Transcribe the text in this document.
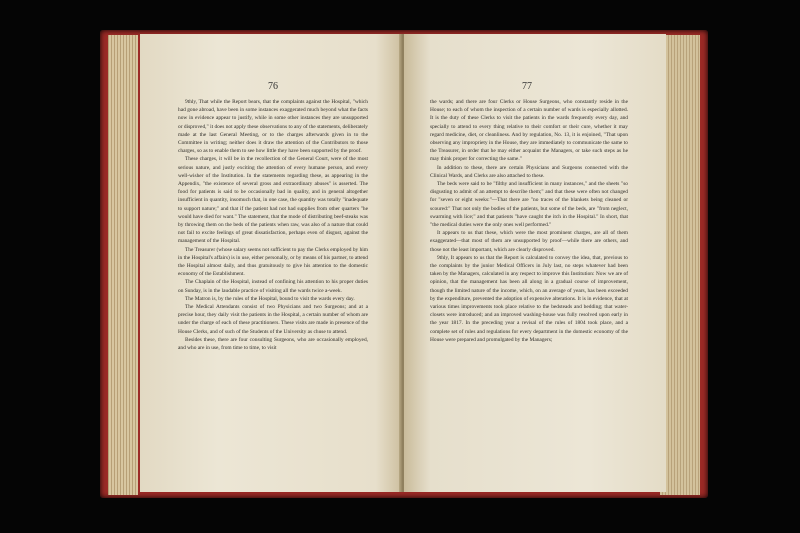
76

9thly, That while the Report bears, that the complaints against the Hospital, "which had gone abroad, have been in some instances exaggerated much beyond what the facts now in evidence appear to justify, while in some other instances they are unsupported or disproved," it does not apply these observations to any of the statements, deliberately made at the last General Meeting, or to the charges afterwards given in to the Committee in writing; neither does it draw the attention of the Contributors to those charges, so as to enable them to see how little they have been supported by the proof.

These charges, it will be in the recollection of the General Court, were of the most serious nature, and justly exciting the attention of every humane person, and every well-wisher of the Institution. In the statements regarding these, as appearing in the Appendix, "the existence of several gross and extraordinary abuses" is asserted. The food for patients is said to be occasionally bad in quality, and in general altogether insufficient in quantity, insomuch that, in one case, the quantity was totally "inadequate to support nature;" and that if the patient had not had supplies from other quarters "he would have died for want." The statement, that the mode of distributing beef-steaks was by throwing them on the beds of the patients when raw, was also of a nature that could not fail to excite feelings of great dissatisfaction, perhaps even of disgust, against the management of the Hospital.

The Treasurer (whose salary seems not sufficient to pay the Clerks employed by him in the Hospital's affairs) is in use, either personally, or by means of his partner, to attend the Hospital almost daily, and thus gratuitously to give his attention to the domestic economy of the Establishment.

The Chaplain of the Hospital, instead of confining his attention to his proper duties on Sunday, is in the laudable practice of visiting all the wards twice a-week.

The Matron is, by the rules of the Hospital, bound to visit the wards every day.

The Medical Attendants consist of two Physicians and two Surgeons; and at a precise hour, they daily visit the patients in the Hospital, a certain number of whom are under the charge of each of these practitioners. These visits are made in presence of the House Clerks, and of such of the Students of the University as chuse to attend.

Besides these, there are four consulting Surgeons, who are occasionally employed, and who are in use, from time to time, to visit

77

the wards; and there are four Clerks or House Surgeons, who constantly reside in the House; to each of whom the inspection of a certain number of wards is especially allotted. It is the duty of these Clerks to visit the patients in the wards frequently every day, and specially to attend to every thing relative to their comfort or their cure, whether it may regard medicine, diet, or cleanliness. And by regulation, No. 13, it is enjoined, "That upon observing any impropriety in the House, they are immediately to communicate the same to the Treasurer, in order that he may either acquaint the Managers, or take such steps as he may think proper for correcting the same."

In addition to these, there are certain Physicians and Surgeons connected with the Clinical Wards, and Clerks are also attached to these.

The beds were said to be "filthy and insufficient in many instances," and the sheets "so disgusting to admit of an attempt to describe them;" and that these were often not changed for "seven or eight weeks:"—That there are "no traces of the blankets being cleaned or scoured:" That not only the bodies of the patients, but some of the beds, are "from neglect, swarming with lice;" and that patients "have caught the itch in the Hospital." In short, that "the medical duties were the only ones well performed."

It appears to us that these, which were the most prominent charges, are all of them exaggerated—that most of them are unsupported by proof—while there are others, and those not the least important, which are clearly disproved.

9thly, It appears to us that the Report is calculated to convey the idea, that, previous to the complaints by the junior Medical Officers in July last, no steps whatever had been taken by the Managers, calculated in any respect to improve this Institution: Now we are of opinion, that the management has been all along in a gradual course of improvement, though the limited nature of the income, which, on an average of years, has been exceeded by the expenditure, prevented the adoption of expensive alterations. It is in evidence, that at various times improvements took place relative to the bedsteads and bedding; that water-closets were introduced; and an improved washing-house was fully resolved upon early in the year 1817. In the preceding year a revisal of the rules of 1804 took place, and a complete set of rules and regulations for every department in the domestic economy of the House were prepared and promulgated by the Managers;
